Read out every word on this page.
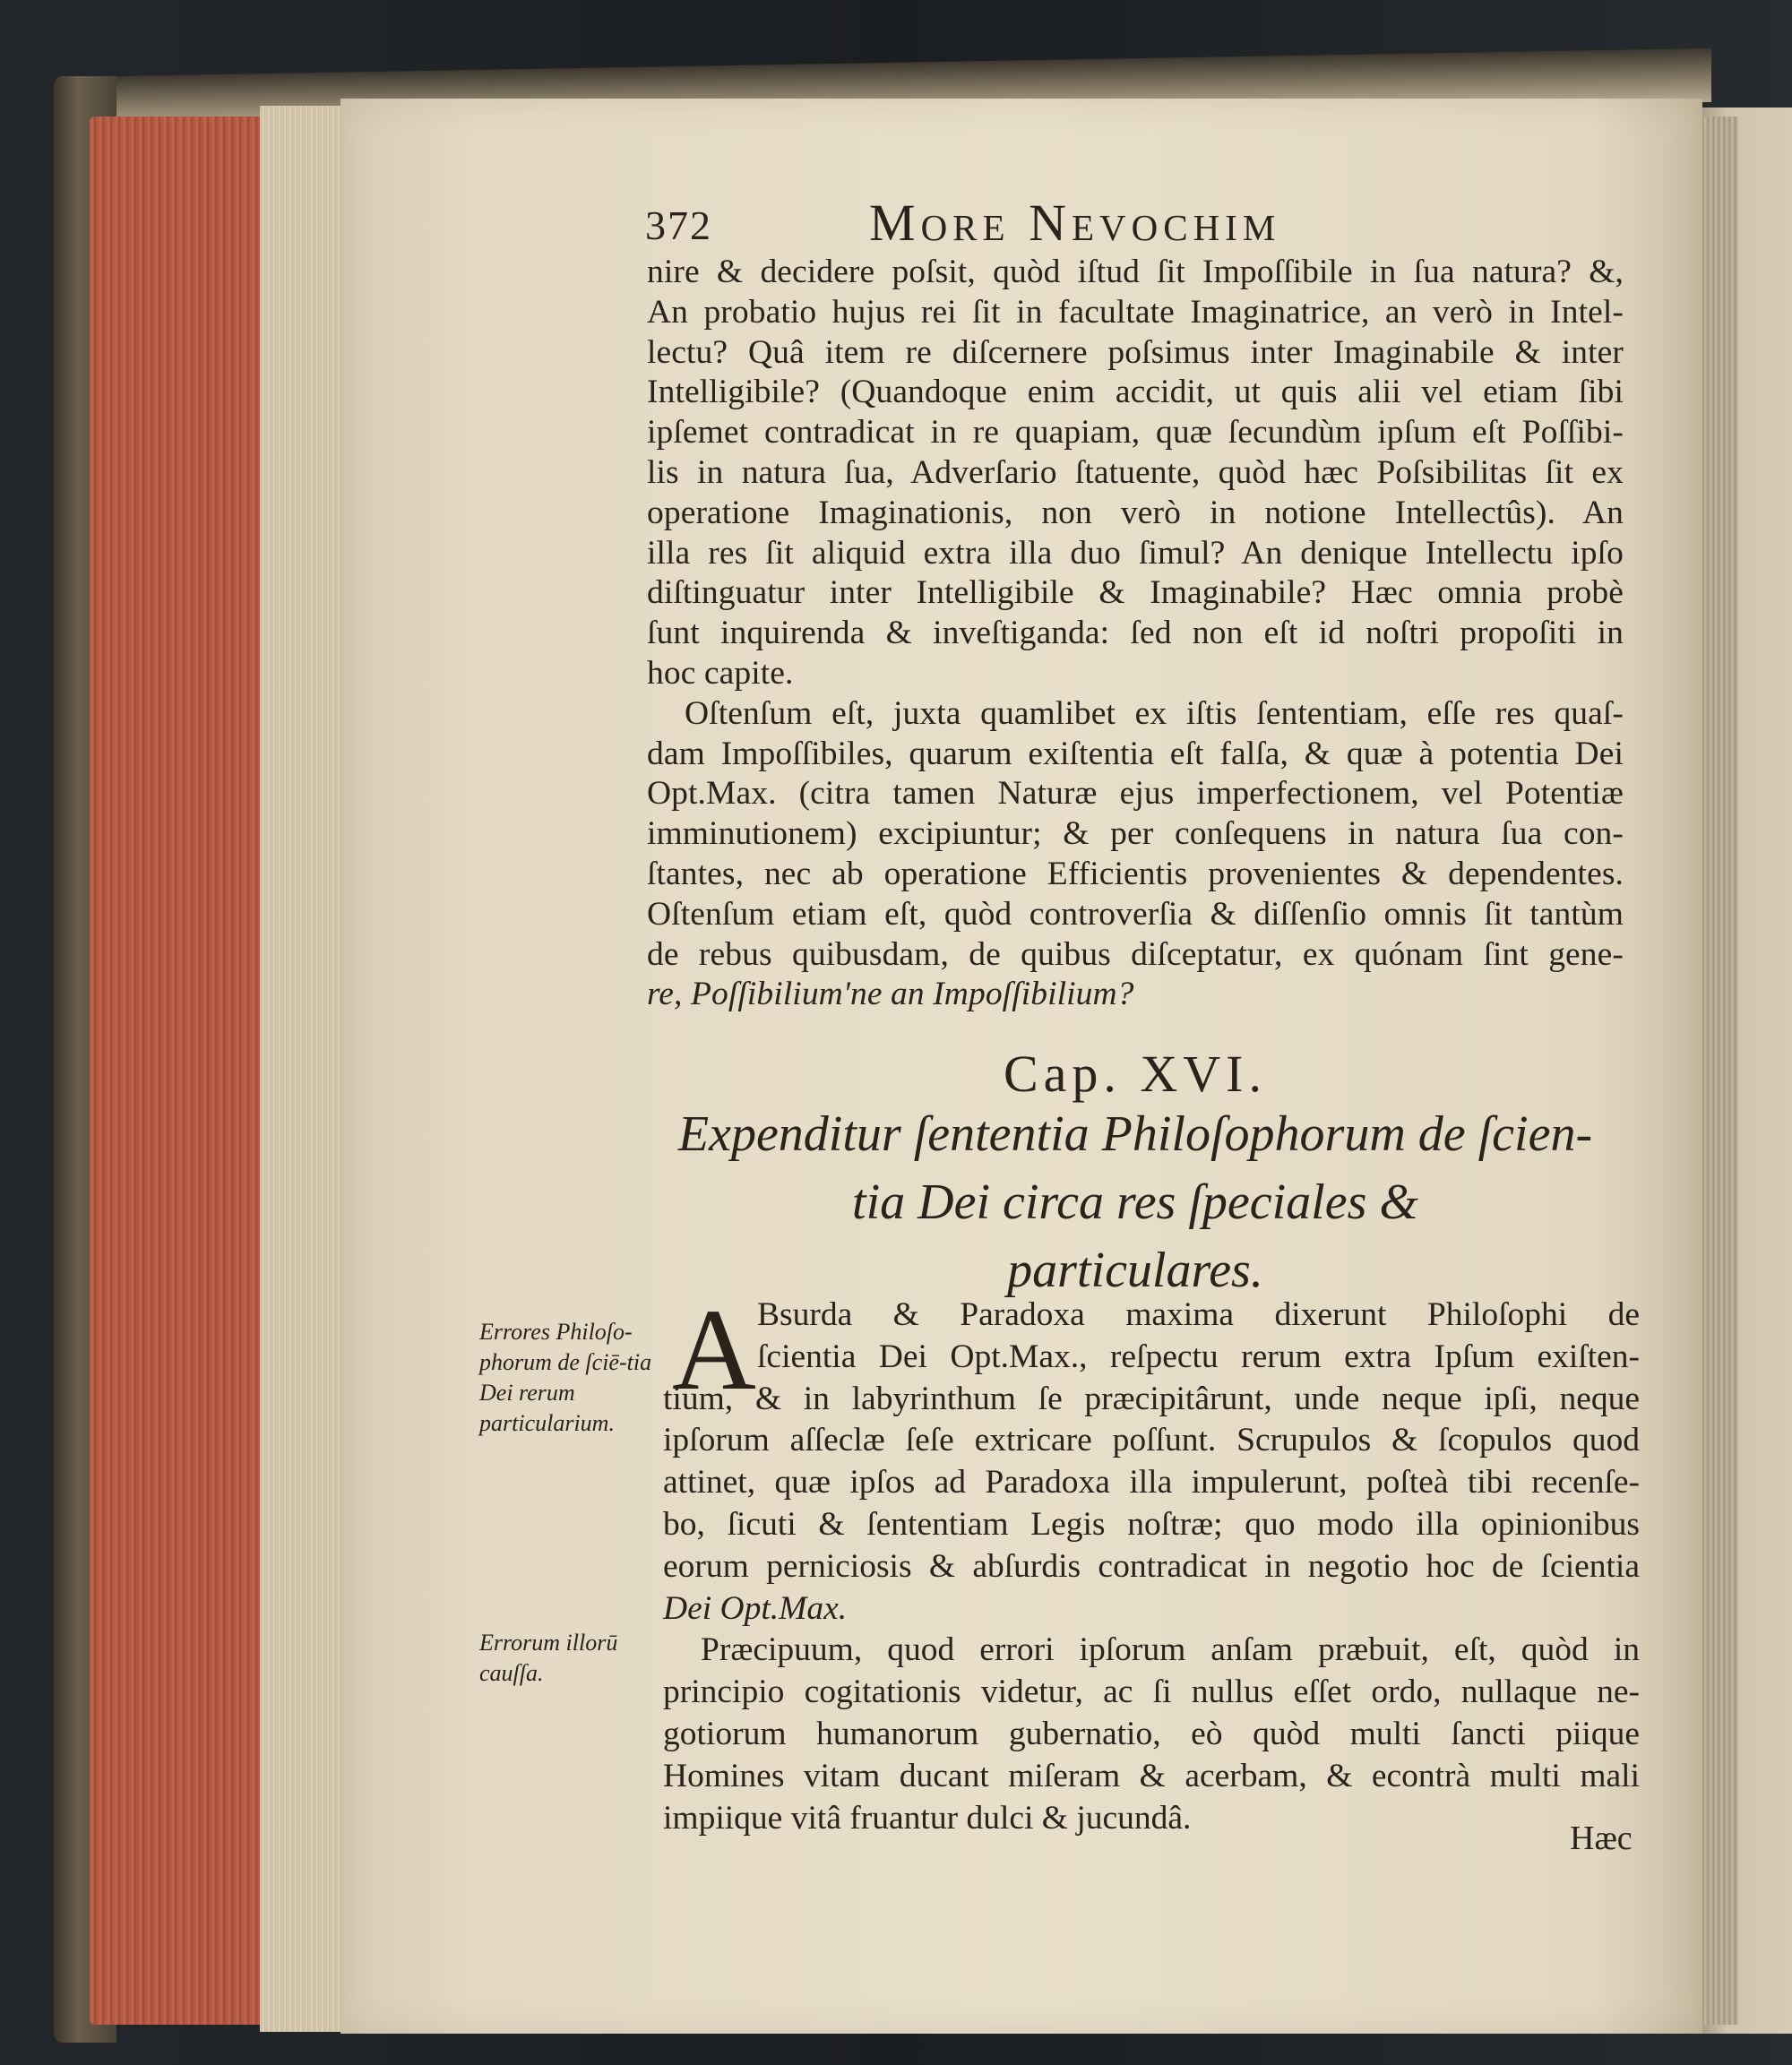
372	More Nevochim
nire & decidere poſsit, quòd iſtud ſit Impoſſibile in ſua natura? &,
An probatio hujus rei ſit in facultate Imaginatrice, an verò in Intel-
lectu? Quâ item re diſcernere poſsimus inter Imaginabile & inter
Intelligibile? (Quandoque enim accidit, ut quis alii vel etiam ſibi
ipſemet contradicat in re quapiam, quæ ſecundùm ipſum eſt Poſſibi-
lis in natura ſua, Adverſario ſtatuente, quòd hæc Poſsibilitas ſit ex
operatione Imaginationis, non verò in notione Intellectûs). An
illa res ſit aliquid extra illa duo ſimul? An denique Intellectu ipſo
diſtinguatur inter Intelligibile & Imaginabile? Hæc omnia probè
ſunt inquirenda & inveſtiganda: ſed non eſt id noſtri propoſiti in
hoc capite.
Oſtenſum eſt, juxta quamlibet ex iſtis ſententiam, eſſe res quaſ-
dam Impoſſibiles, quarum exiſtentia eſt falſa, & quæ à potentia Dei
Opt.Max. (citra tamen Naturæ ejus imperfectionem, vel Potentiæ
imminutionem) excipiuntur; & per conſequens in natura ſua con-
ſtantes, nec ab operatione Efficientis provenientes & dependentes.
Oſtenſum etiam eſt, quòd controverſia & diſſenſio omnis ſit tantùm
de rebus quibusdam, de quibus diſceptatur, ex quónam ſint gene-
re, Poſſibilium'ne an Impoſſibilium?
Cap. XVI.
Expenditur ſententia Philoſophorum de ſcien-
tia Dei circa res ſpeciales &
particulares.
A Bsurda & Paradoxa maxima dixerunt Philoſophi de
ſcientia Dei Opt.Max., reſpectu rerum extra Ipſum exiſten-
tium, & in labyrinthum ſe præcipitârunt, unde neque ipſi, neque
ipſorum aſſeclæ ſeſe extricare poſſunt. Scrupulos & ſcopulos quod
attinet, quæ ipſos ad Paradoxa illa impulerunt, poſteà tibi recenſe-
bo, ſicuti & ſententiam Legis noſtræ; quo modo illa opinionibus
eorum perniciosis & abſurdis contradicat in negotio hoc de ſcientia
Dei Opt.Max.
Præcipuum, quod errori ipſorum anſam præbuit, eſt, quòd in
principio cogitationis videtur, ac ſi nullus eſſet ordo, nullaque ne-
gotiorum humanorum gubernatio, eò quòd multi ſancti piique
Homines vitam ducant miſeram & acerbam, & econtrà multi mali
impiique vitâ fruantur dulci & jucundâ.
Errores Philoſo-phorum de ſciē-tia Dei rerum particularium.
Errorum illorū cauſſa.
Hæc
